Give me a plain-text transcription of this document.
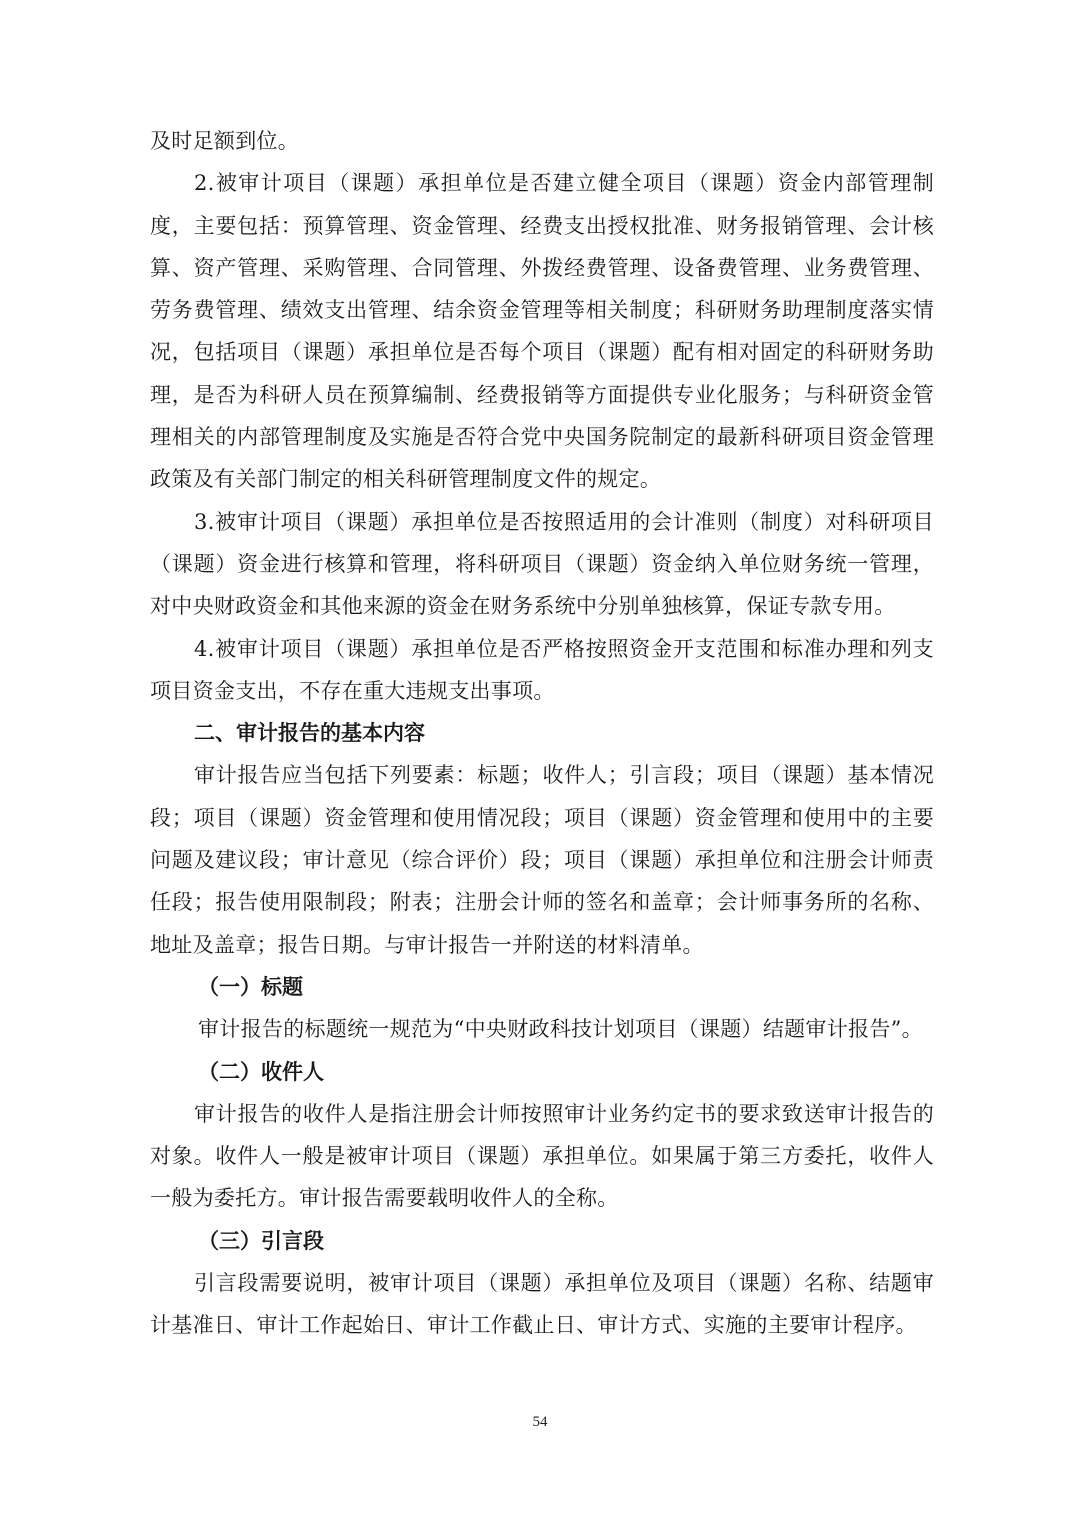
及时足额到位。

2.被审计项目（课题）承担单位是否建立健全项目（课题）资金内部管理制度，主要包括：预算管理、资金管理、经费支出授权批准、财务报销管理、会计核算、资产管理、采购管理、合同管理、外拨经费管理、设备费管理、业务费管理、劳务费管理、绩效支出管理、结余资金管理等相关制度；科研财务助理制度落实情况，包括项目（课题）承担单位是否每个项目（课题）配有相对固定的科研财务助理，是否为科研人员在预算编制、经费报销等方面提供专业化服务；与科研资金管理相关的内部管理制度及实施是否符合党中央国务院制定的最新科研项目资金管理政策及有关部门制定的相关科研管理制度文件的规定。

3.被审计项目（课题）承担单位是否按照适用的会计准则（制度）对科研项目（课题）资金进行核算和管理，将科研项目（课题）资金纳入单位财务统一管理，对中央财政资金和其他来源的资金在财务系统中分别单独核算，保证专款专用。

4.被审计项目（课题）承担单位是否严格按照资金开支范围和标准办理和列支项目资金支出，不存在重大违规支出事项。

二、审计报告的基本内容

审计报告应当包括下列要素：标题；收件人；引言段；项目（课题）基本情况段；项目（课题）资金管理和使用情况段；项目（课题）资金管理和使用中的主要问题及建议段；审计意见（综合评价）段；项目（课题）承担单位和注册会计师责任段；报告使用限制段；附表；注册会计师的签名和盖章；会计师事务所的名称、地址及盖章；报告日期。与审计报告一并附送的材料清单。

（一）标题

审计报告的标题统一规范为“中央财政科技计划项目（课题）结题审计报告”。

（二）收件人

审计报告的收件人是指注册会计师按照审计业务约定书的要求致送审计报告的对象。收件人一般是被审计项目（课题）承担单位。如果属于第三方委托，收件人一般为委托方。审计报告需要载明收件人的全称。

（三）引言段

引言段需要说明，被审计项目（课题）承担单位及项目（课题）名称、结题审计基准日、审计工作起始日、审计工作截止日、审计方式、实施的主要审计程序。

54
